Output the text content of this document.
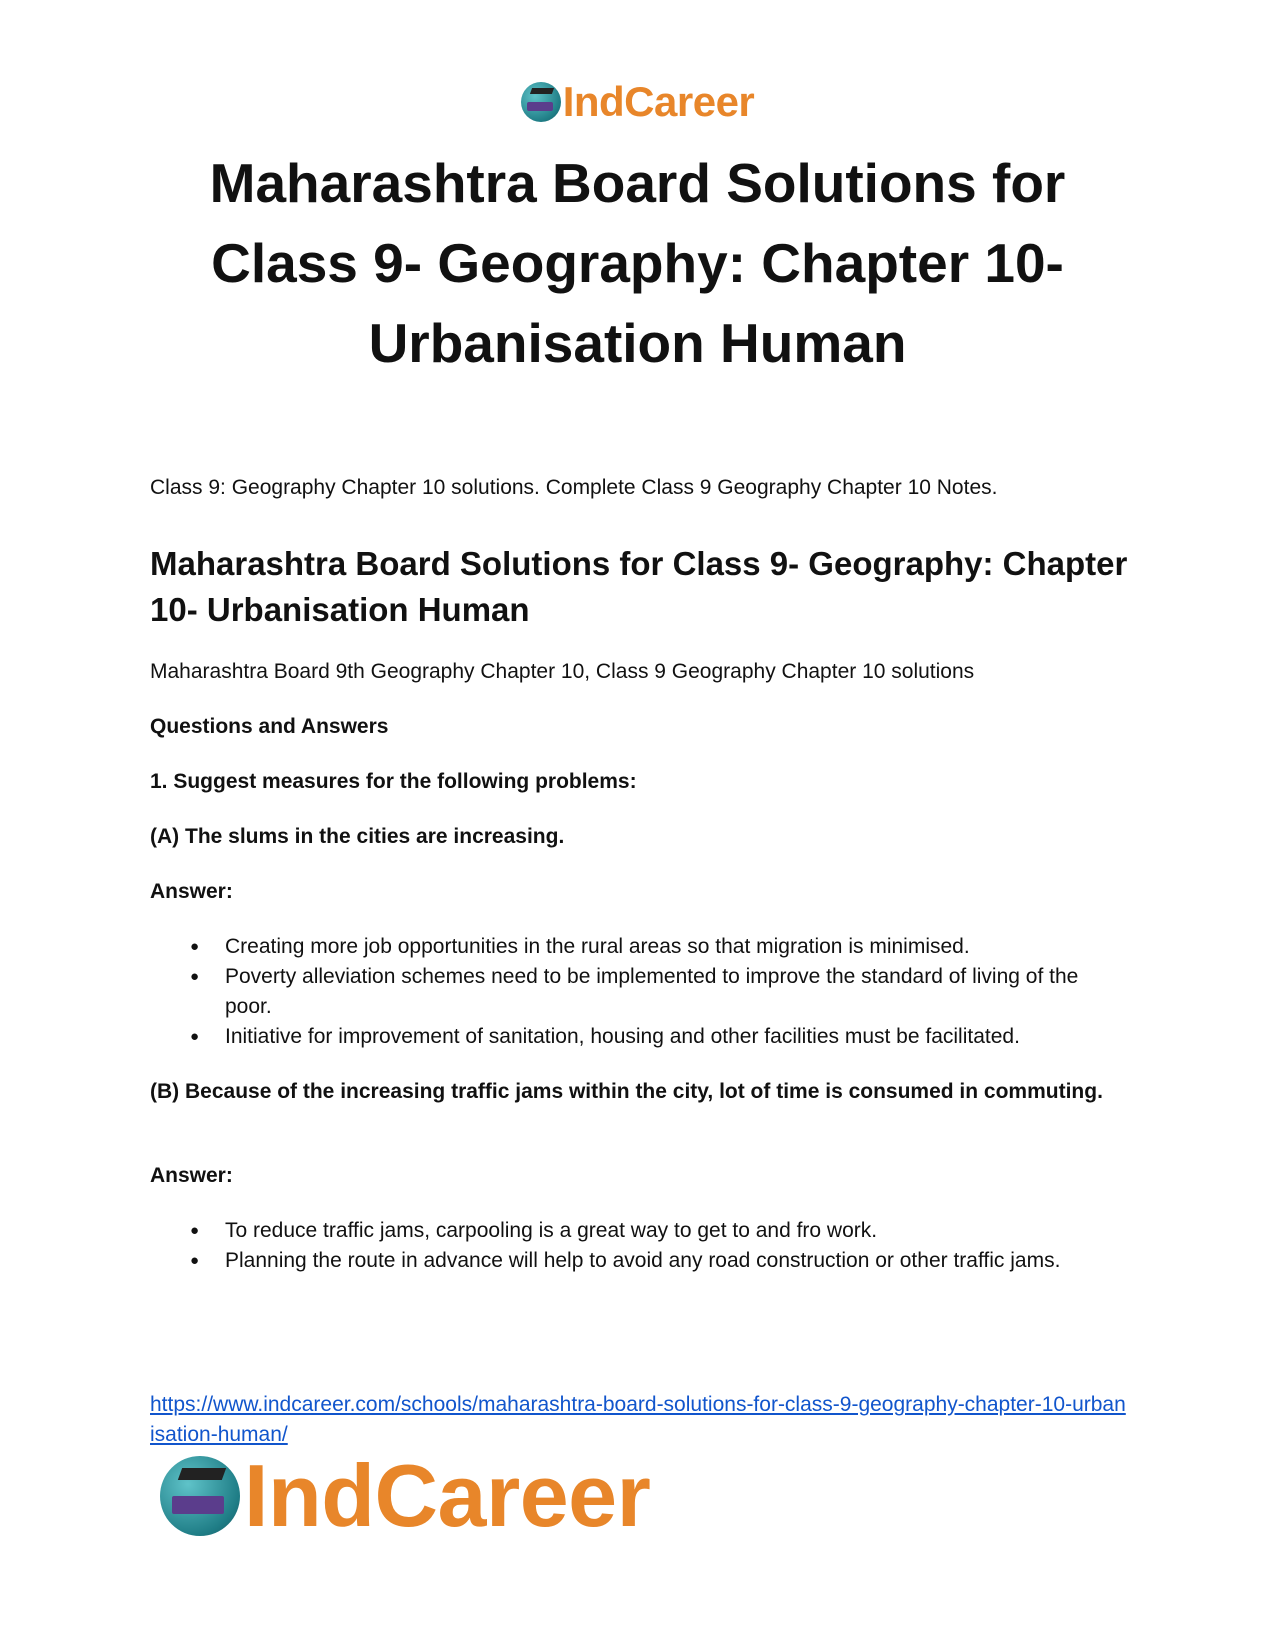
IndCareer
Maharashtra Board Solutions for Class 9- Geography: Chapter 10- Urbanisation Human
Class 9: Geography Chapter 10 solutions. Complete Class 9 Geography Chapter 10 Notes.
Maharashtra Board Solutions for Class 9- Geography: Chapter 10- Urbanisation Human
Maharashtra Board 9th Geography Chapter 10, Class 9 Geography Chapter 10 solutions
Questions and Answers
1. Suggest measures for the following problems:
(A) The slums in the cities are increasing.
Answer:
● Creating more job opportunities in the rural areas so that migration is minimised.
● Poverty alleviation schemes need to be implemented to improve the standard of living of the poor.
● Initiative for improvement of sanitation, housing and other facilities must be facilitated.
(B) Because of the increasing traffic jams within the city, lot of time is consumed in commuting.
Answer:
● To reduce traffic jams, carpooling is a great way to get to and fro work.
● Planning the route in advance will help to avoid any road construction or other traffic jams.
https://www.indcareer.com/schools/maharashtra-board-solutions-for-class-9-geography-chapter-10-urbanisation-human/
IndCareer
